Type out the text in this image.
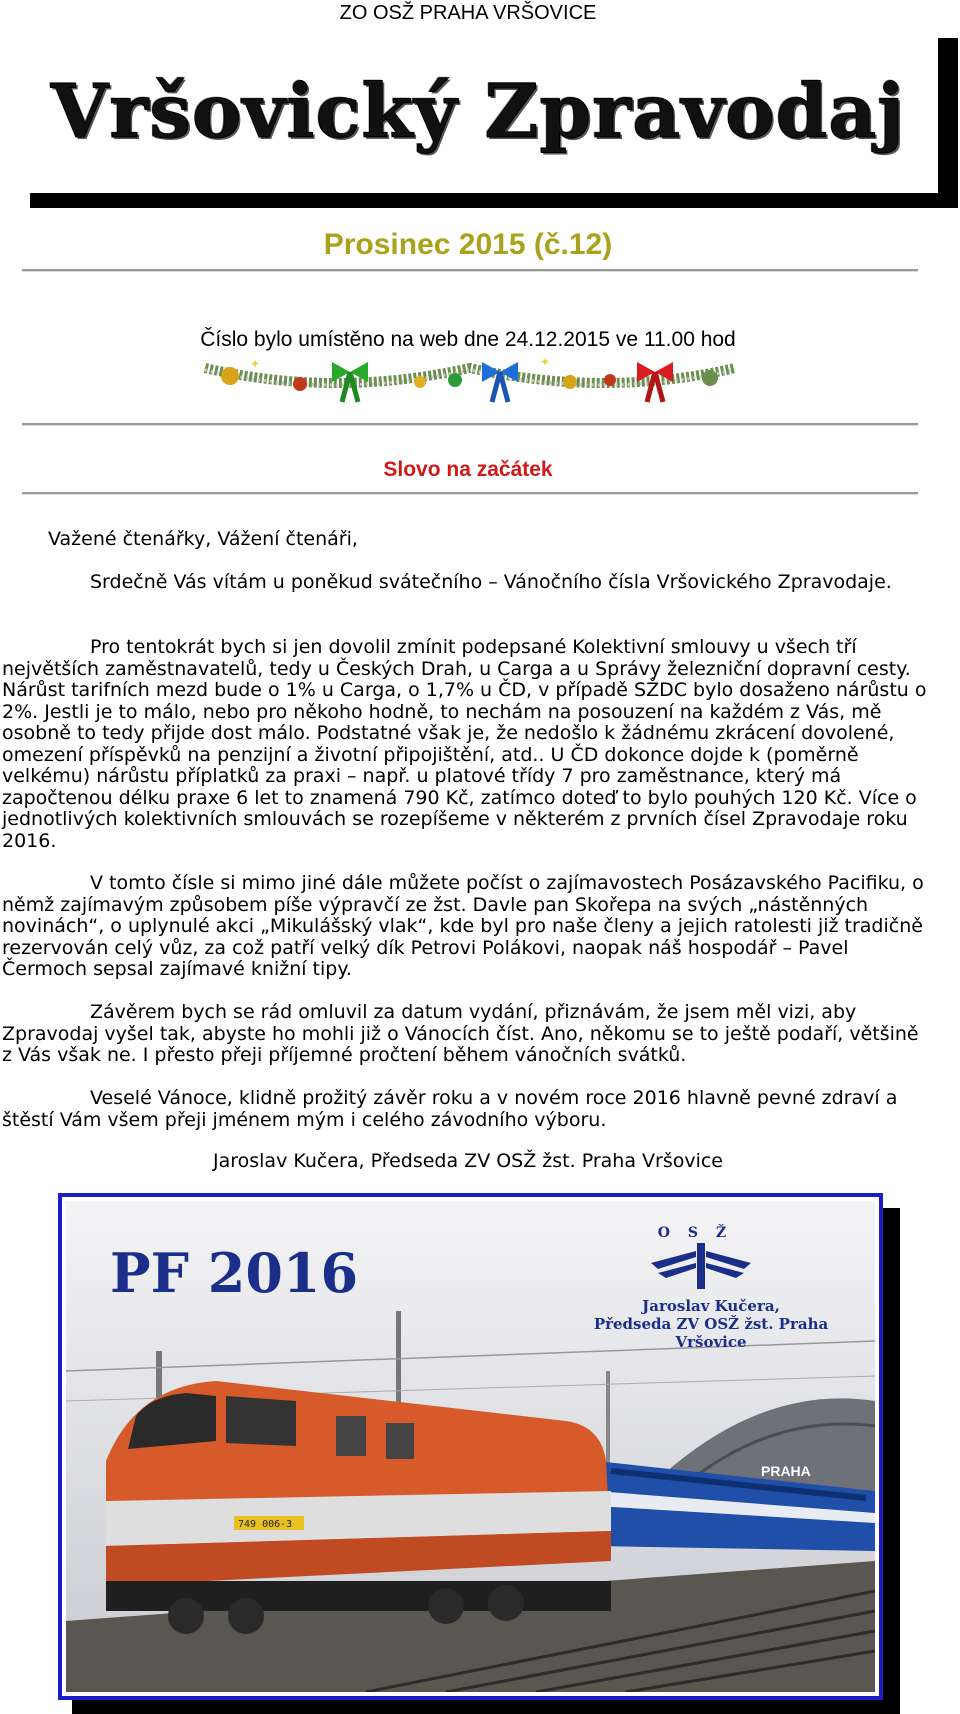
ZO OSŽ PRAHA VRŠOVICE
Vršovický Zpravodaj
Prosinec 2015 (č.12)
Číslo bylo umístěno na web dne 24.12.2015 ve 11.00 hod
✦	✦
Slovo na začátek
Važené čtenářky, Vážení čtenáři,
Srdečně Vás vítám u poněkud svátečního – Vánočního čísla Vršovického Zpravodaje.
Pro tentokrát bych si jen dovolil zmínit podepsané Kolektivní smlouvy u všech tří největších zaměstnavatelů, tedy u Českých Drah, u Carga a u Správy železniční dopravní cesty. Nárůst tarifních mezd bude o 1% u Carga, o 1,7% u ČD, v případě SŽDC bylo dosaženo nárůstu o 2%. Jestli je to málo, nebo pro někoho hodně, to nechám na posouzení na každém z Vás, mě osobně to tedy přijde dost málo. Podstatné však je, že nedošlo k žádnému zkrácení dovolené, omezení příspěvků na penzijní a životní připojištění, atd.. U ČD dokonce dojde k (poměrně velkému) nárůstu příplatků za praxi – např. u platové třídy 7 pro zaměstnance, který má započtenou délku praxe 6 let to znamená 790 Kč, zatímco doteď to bylo pouhých 120 Kč. Více o jednotlivých kolektivních smlouvách se rozepíšeme v některém z prvních čísel Zpravodaje roku 2016.
V tomto čísle si mimo jiné dále můžete počíst o zajímavostech Posázavského Pacifiku, o němž zajímavým způsobem píše výpravčí ze žst. Davle pan Skořepa na svých „nástěnných novinách“, o uplynulé akci „Mikulášský vlak“, kde byl pro naše členy a jejich ratolesti již tradičně rezervován celý vůz, za což patří velký dík Petrovi Polákovi, naopak náš hospodář – Pavel Čermoch sepsal zajímavé knižní tipy.
Závěrem bych se rád omluvil za datum vydání, přiznávám, že jsem měl vizi, aby Zpravodaj vyšel tak, abyste ho mohli již o Vánocích číst. Ano, někomu se to ještě podaří, většině z Vás však ne. I přesto přeji příjemné pročtení během vánočních svátků.
Veselé Vánoce, klidně prožitý závěr roku a v novém roce 2016 hlavně pevné zdraví a štěstí Vám všem přeji jménem mým i celého závodního výboru.
Jaroslav Kučera, Předseda ZV OSŽ žst. Praha Vršovice
749 006-3
PRAHA
PF 2016
OSŽ
Jaroslav Kučera,
Předseda ZV OSŽ žst. Praha Vršovice
